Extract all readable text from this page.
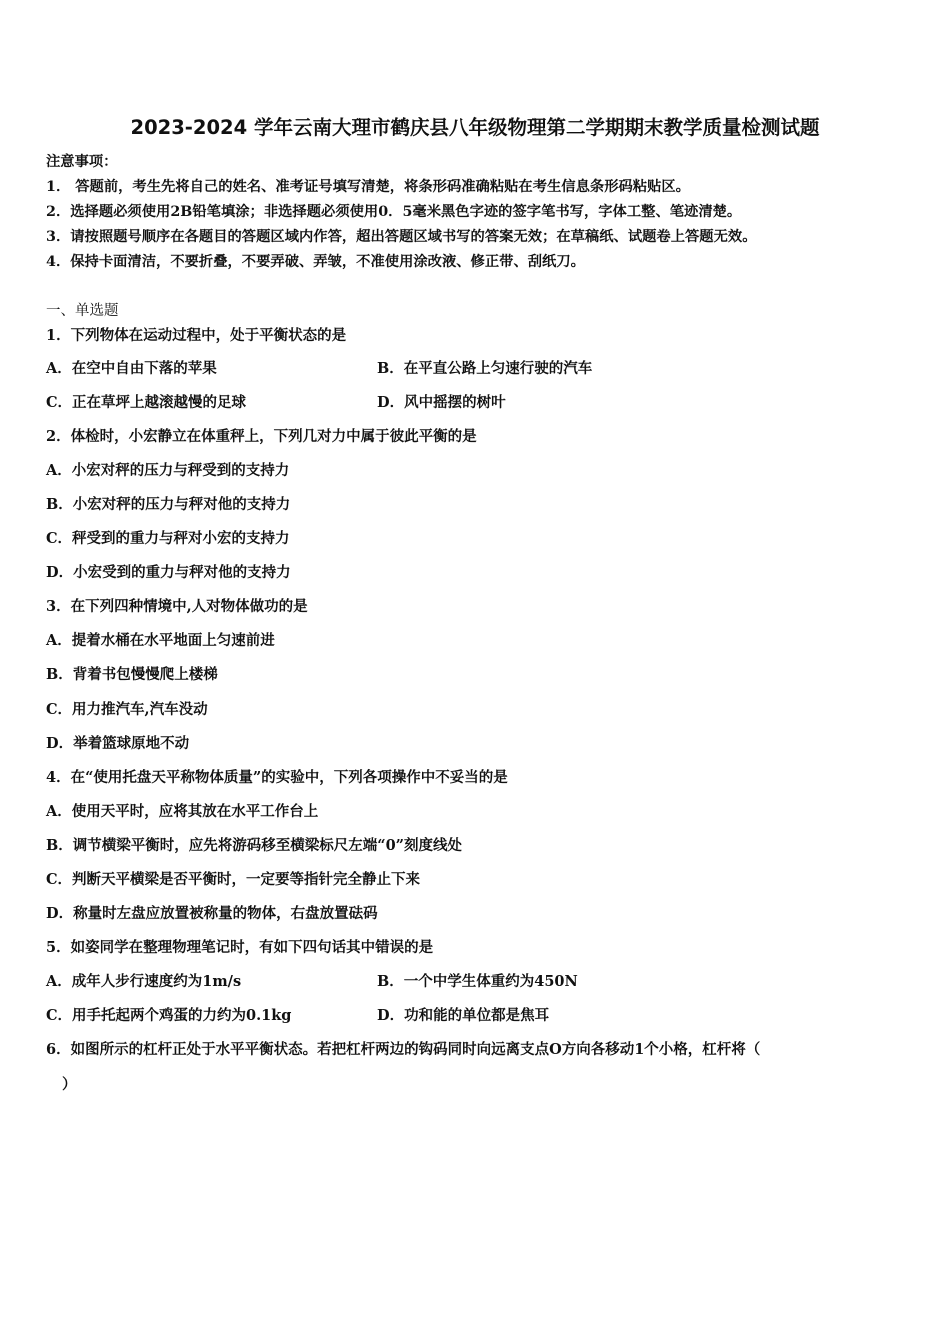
2023-2024 学年云南大理市鹤庆县八年级物理第二学期期末教学质量检测试题
注意事项：
1． 答题前，考生先将自己的姓名、准考证号填写清楚，将条形码准确粘贴在考生信息条形码粘贴区。
2．选择题必须使用2B铅笔填涂；非选择题必须使用0．5毫米黑色字迹的签字笔书写，字体工整、笔迹清楚。
3．请按照题号顺序在各题目的答题区域内作答，超出答题区域书写的答案无效；在草稿纸、试题卷上答题无效。
4．保持卡面清洁，不要折叠，不要弄破、弄皱，不准使用涂改液、修正带、刮纸刀。
一、单选题
1．下列物体在运动过程中，处于平衡状态的是
A．在空中自由下落的苹果	B．在平直公路上匀速行驶的汽车
C．正在草坪上越滚越慢的足球	D．风中摇摆的树叶
2．体检时，小宏静立在体重秤上，下列几对力中属于彼此平衡的是
A．小宏对秤的压力与秤受到的支持力
B．小宏对秤的压力与秤对他的支持力
C．秤受到的重力与秤对小宏的支持力
D．小宏受到的重力与秤对他的支持力
3．在下列四种情境中,人对物体做功的是
A．提着水桶在水平地面上匀速前进
B．背着书包慢慢爬上楼梯
C．用力推汽车,汽车没动
D．举着篮球原地不动
4．在“使用托盘天平称物体质量”的实验中，下列各项操作中不妥当的是
A．使用天平时，应将其放在水平工作台上
B．调节横梁平衡时，应先将游码移至横梁标尺左端“0”刻度线处
C．判断天平横梁是否平衡时，一定要等指针完全静止下来
D．称量时左盘应放置被称量的物体，右盘放置砝码
5．如姿同学在整理物理笔记时，有如下四句话其中错误的是
A．成年人步行速度约为1m/s	B．一个中学生体重约为450N
C．用手托起两个鸡蛋的力约为0.1kg	D．功和能的单位都是焦耳
6．如图所示的杠杆正处于水平平衡状态。若把杠杆两边的钩码同时向远离支点O方向各移动1个小格，杠杆将（
）
